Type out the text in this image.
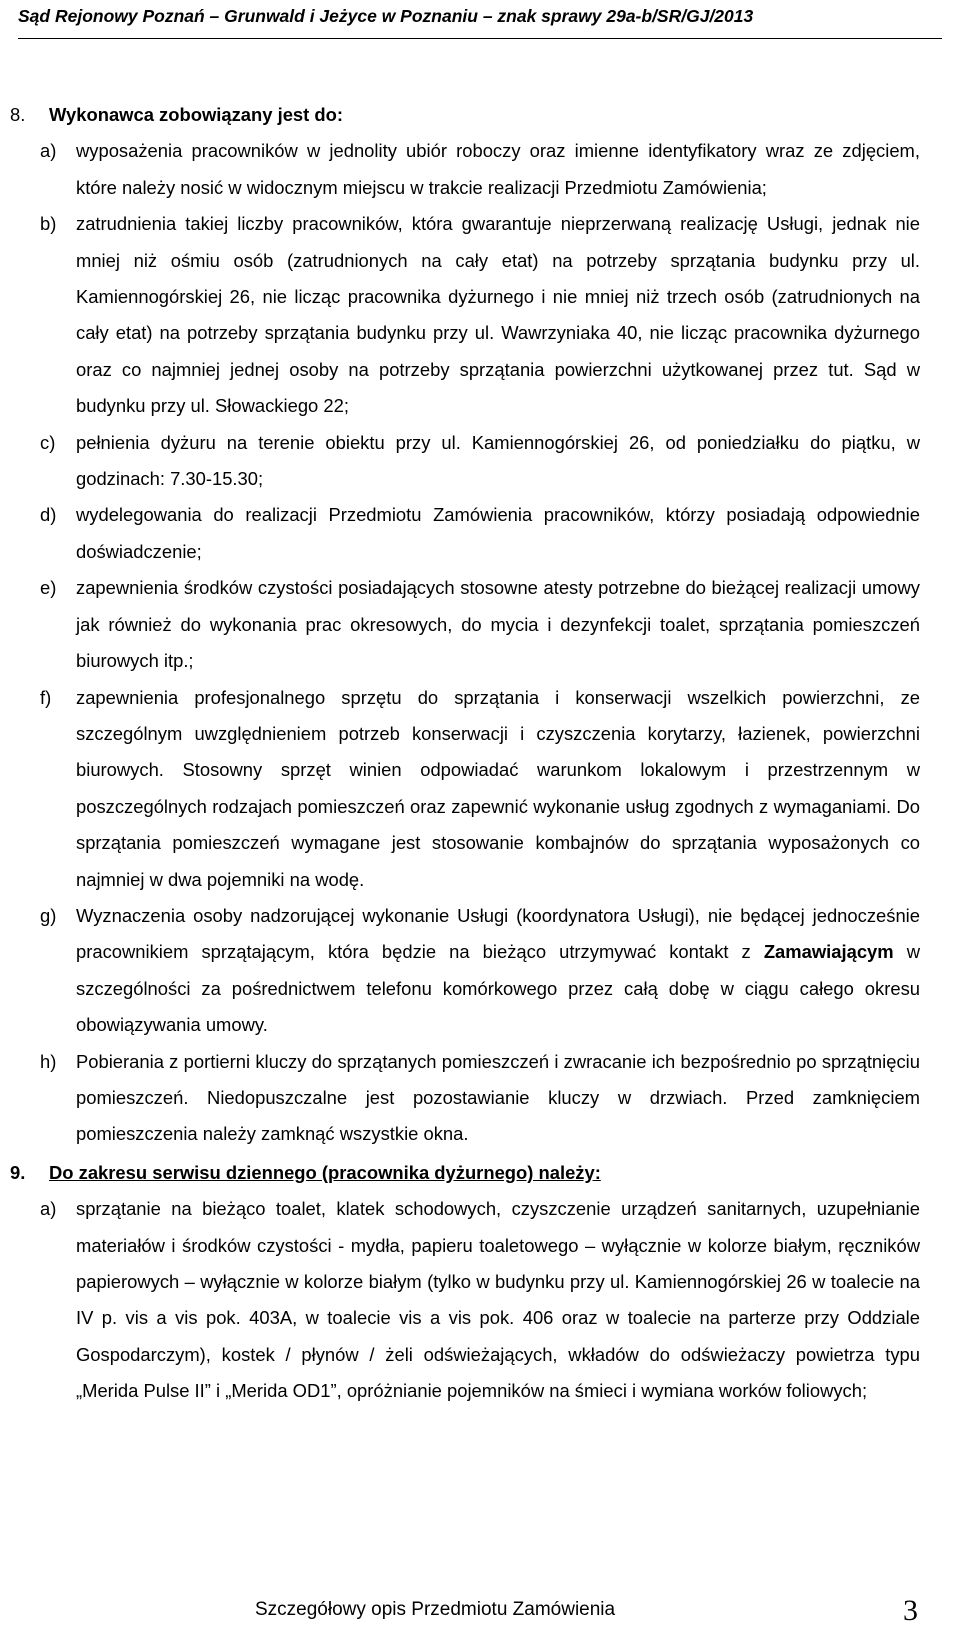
Sąd Rejonowy Poznań – Grunwald i Jeżyce w Poznaniu – znak sprawy 29a-b/SR/GJ/2013
8.	Wykonawca zobowiązany jest do:
a)	wyposażenia pracowników w jednolity ubiór roboczy oraz imienne identyfikatory wraz ze zdjęciem, które należy nosić w widocznym miejscu w trakcie realizacji Przedmiotu Zamówienia;
b)	zatrudnienia takiej liczby pracowników, która gwarantuje nieprzerwaną realizację Usługi, jednak nie mniej niż ośmiu osób (zatrudnionych na cały etat) na potrzeby sprzątania budynku przy ul. Kamiennogórskiej 26, nie licząc pracownika dyżurnego i nie mniej niż trzech osób (zatrudnionych na cały etat) na potrzeby sprzątania budynku przy ul. Wawrzyniaka 40, nie licząc pracownika dyżurnego oraz co najmniej jednej osoby na potrzeby sprzątania powierzchni użytkowanej przez tut. Sąd w budynku przy ul. Słowackiego 22;
c)	pełnienia dyżuru na terenie obiektu przy ul. Kamiennogórskiej 26, od poniedziałku do piątku, w godzinach: 7.30-15.30;
d)	wydelegowania do realizacji Przedmiotu Zamówienia pracowników, którzy posiadają odpowiednie doświadczenie;
e)	zapewnienia środków czystości posiadających stosowne atesty potrzebne do bieżącej realizacji umowy jak również do wykonania prac okresowych, do mycia i dezynfekcji toalet, sprzątania pomieszczeń biurowych itp.;
f)	zapewnienia profesjonalnego sprzętu do sprzątania i konserwacji wszelkich powierzchni, ze szczególnym uwzględnieniem potrzeb konserwacji i czyszczenia korytarzy, łazienek, powierzchni biurowych. Stosowny sprzęt winien odpowiadać warunkom lokalowym i przestrzennym w poszczególnych rodzajach pomieszczeń oraz zapewnić wykonanie usług zgodnych z wymaganiami. Do sprzątania pomieszczeń wymagane jest stosowanie kombajnów do sprzątania wyposażonych co najmniej w dwa pojemniki na wodę.
g)	Wyznaczenia osoby nadzorującej wykonanie Usługi (koordynatora Usługi), nie będącej jednocześnie pracownikiem sprzątającym, która będzie na bieżąco utrzymywać kontakt z Zamawiającym w szczególności za pośrednictwem telefonu komórkowego przez całą dobę w ciągu całego okresu obowiązywania umowy.
h)	Pobierania z portierni kluczy do sprzątanych pomieszczeń i zwracanie ich bezpośrednio po sprzątnięciu pomieszczeń. Niedopuszczalne jest pozostawianie kluczy w drzwiach. Przed zamknięciem pomieszczenia należy zamknąć wszystkie okna.
9.	Do zakresu serwisu dziennego (pracownika dyżurnego) należy:
a)	sprzątanie na bieżąco toalet, klatek schodowych, czyszczenie urządzeń sanitarnych, uzupełnianie materiałów i środków czystości - mydła, papieru toaletowego – wyłącznie w kolorze białym, ręczników papierowych – wyłącznie w kolorze białym (tylko w budynku przy ul. Kamiennogórskiej 26 w toalecie na IV p. vis a vis pok. 403A, w toalecie vis a vis pok. 406 oraz w toalecie na parterze przy Oddziale Gospodarczym), kostek / płynów / żeli odświeżających, wkładów do odświeżaczy powietrza typu „Merida Pulse II” i „Merida OD1”, opróżnianie pojemników na śmieci i wymiana worków foliowych;
Szczegółowy opis Przedmiotu Zamówienia	3
